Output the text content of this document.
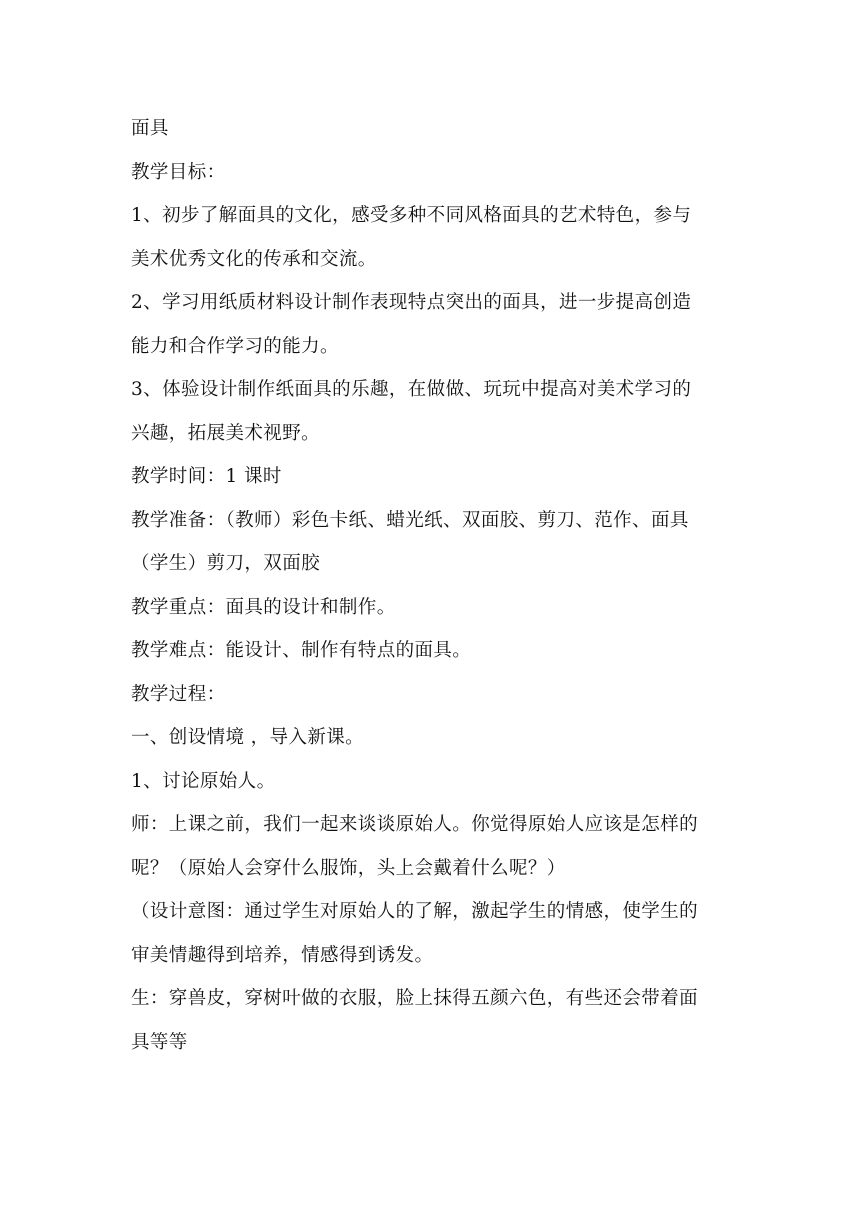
面具
教学目标：
1、初步了解面具的文化，感受多种不同风格面具的艺术特色，参与
美术优秀文化的传承和交流。
2、学习用纸质材料设计制作表现特点突出的面具，进一步提高创造
能力和合作学习的能力。
3、体验设计制作纸面具的乐趣，在做做、玩玩中提高对美术学习的
兴趣，拓展美术视野。
教学时间：1 课时
教学准备：（教师）彩色卡纸、蜡光纸、双面胶、剪刀、范作、面具
（学生）剪刀，双面胶
教学重点：面具的设计和制作。
教学难点：能设计、制作有特点的面具。
教学过程：
一、创设情境 ，导入新课。
1、讨论原始人。
师：上课之前，我们一起来谈谈原始人。你觉得原始人应该是怎样的
呢？（原始人会穿什么服饰，头上会戴着什么呢？）
（设计意图：通过学生对原始人的了解，激起学生的情感，使学生的
审美情趣得到培养，情感得到诱发。
生：穿兽皮，穿树叶做的衣服，脸上抹得五颜六色，有些还会带着面
具等等
